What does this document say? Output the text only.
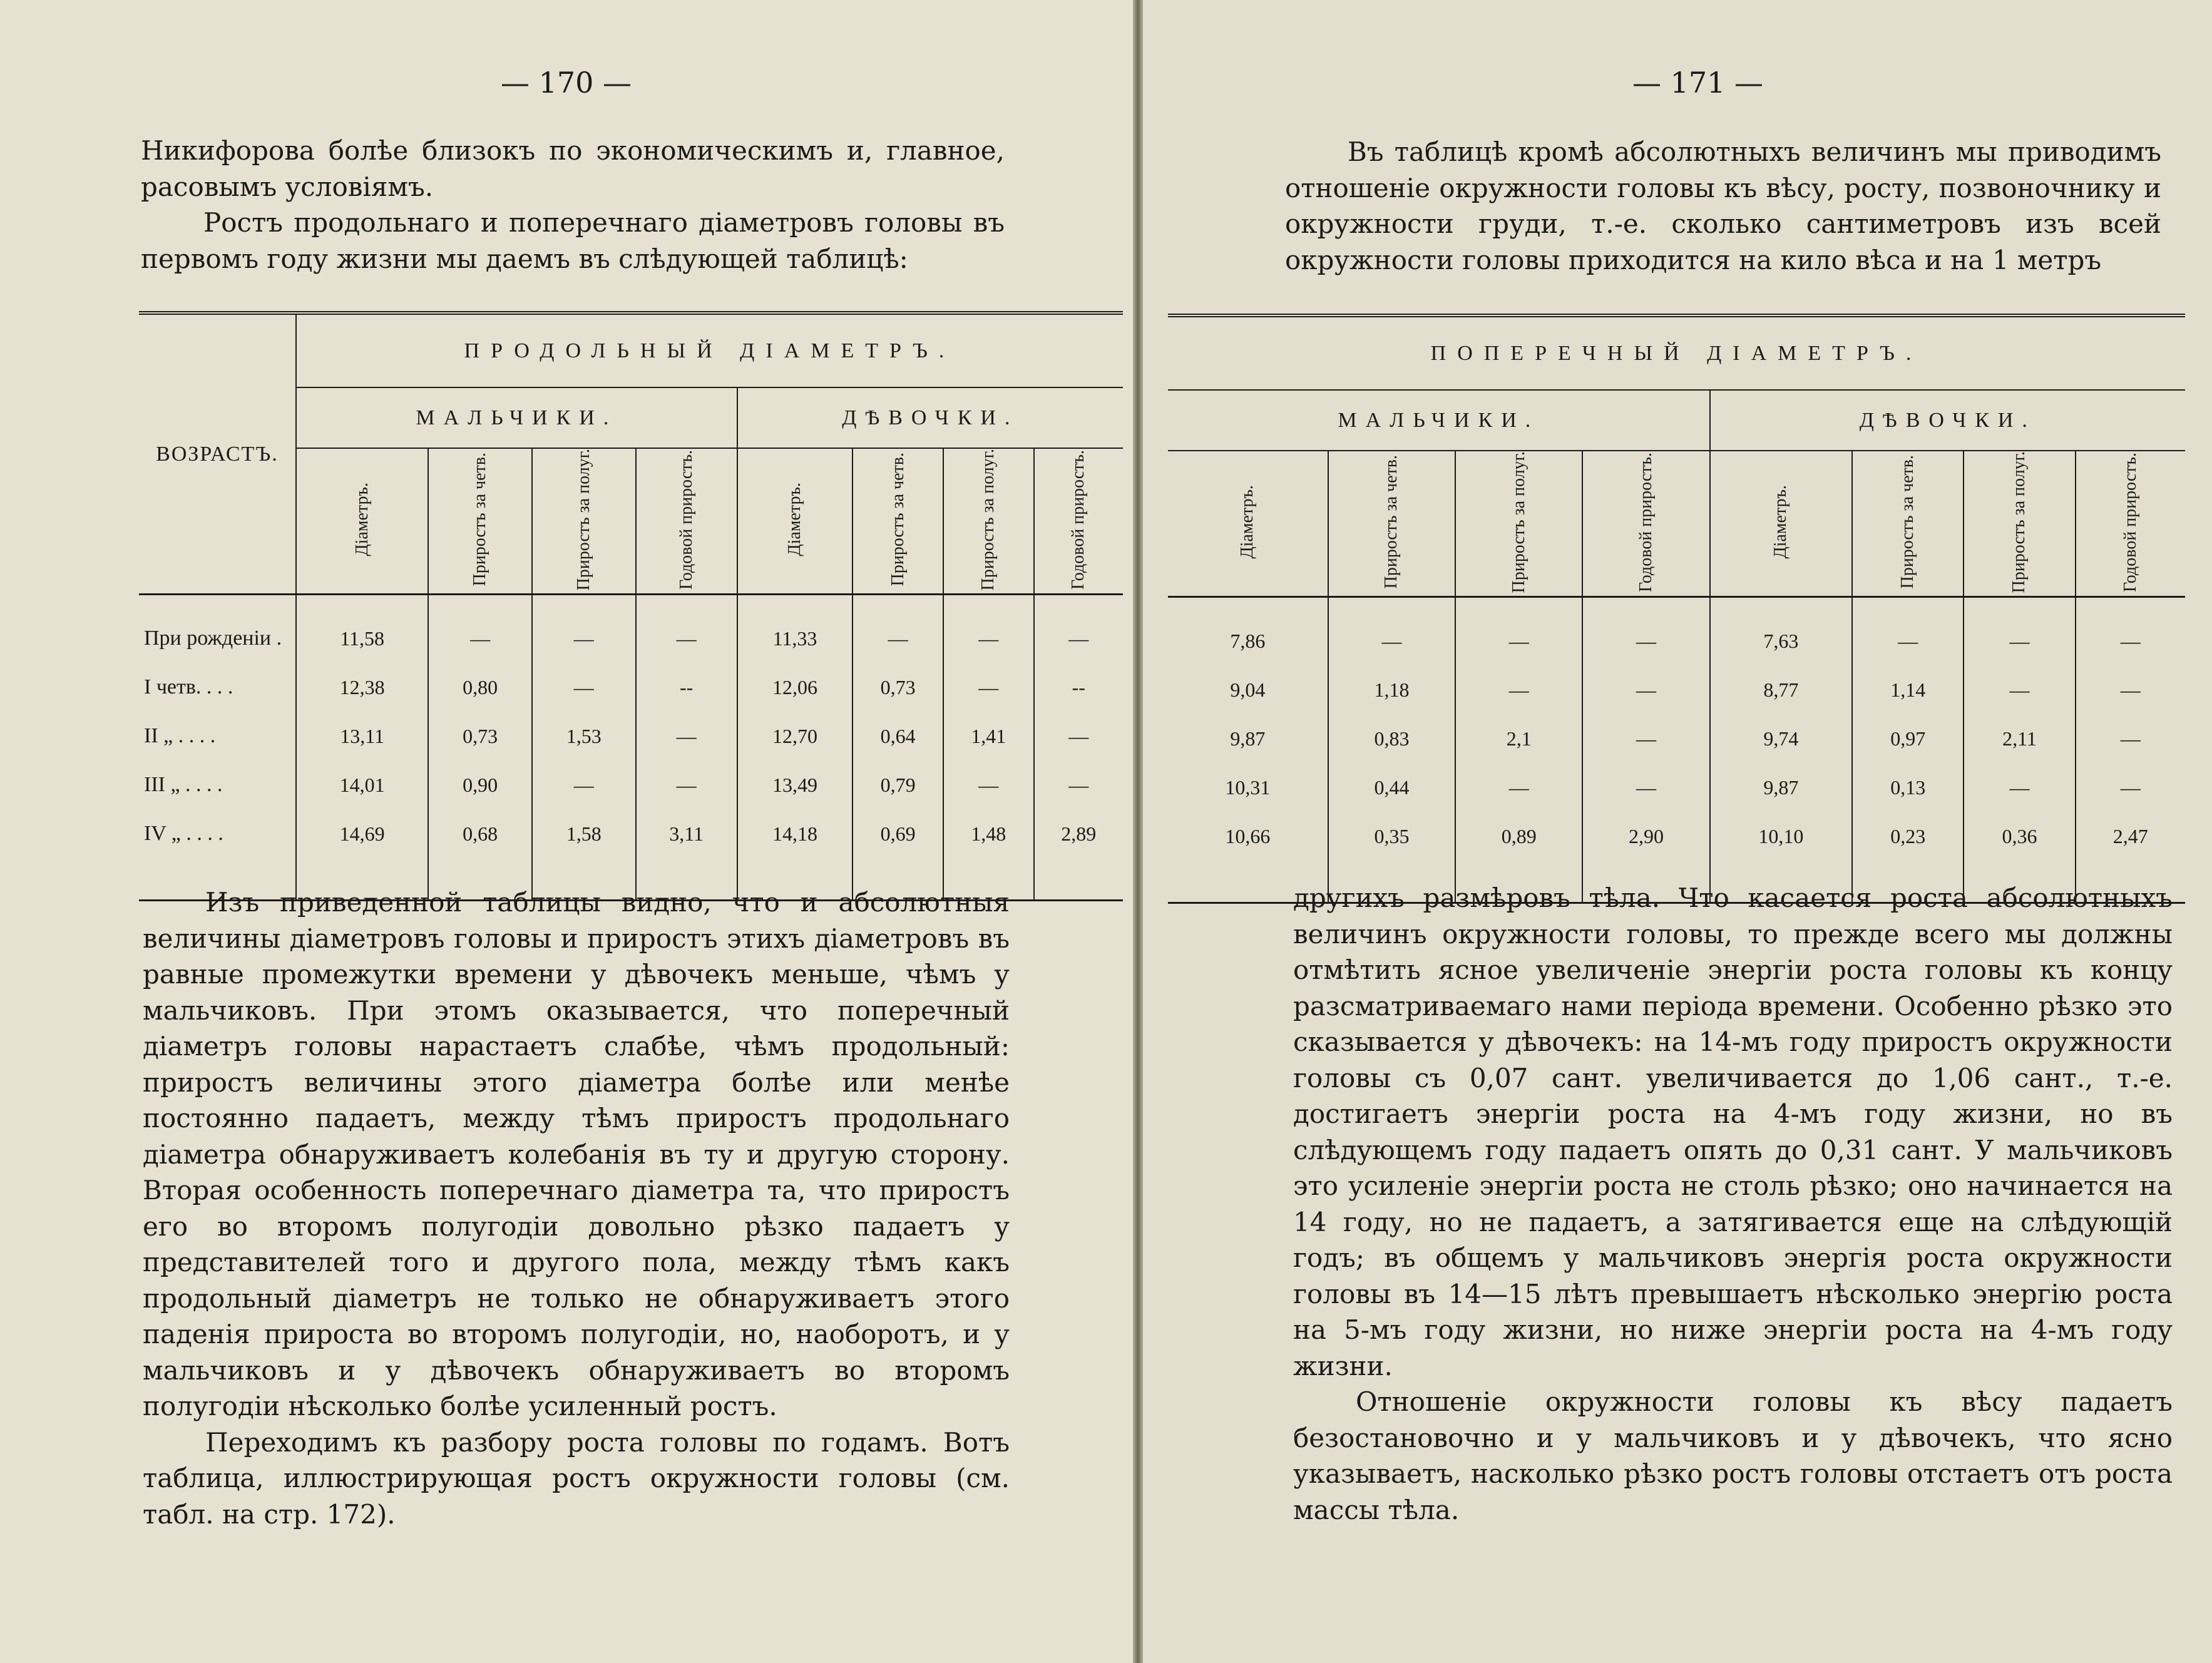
— 170 —

Никифорова болѣе близокъ по экономическимъ и, главное, расовымъ условiямъ.

Ростъ продольнаго и поперечнаго дiаметровъ головы въ первомъ году жизни мы даемъ въ слѣдующей таблицѣ:

ВОЗРАСТЪ.	ПРОДОЛЬНЫЙ ДIАМЕТРЪ.							
	МАЛЬЧИКИ.				ДѢВОЧКИ.			
	Дiаметръ.	Приростъ за четв.	Приростъ за полуг.	Годовой приростъ.	Дiаметръ.	Приростъ за четв.	Приростъ за полуг.	Годовой приростъ.
При рожденiи .	11,58	—	—	—	11,33	—	—	—
I четв. . . .	12,38	0,80	—	--	12,06	0,73	—	--
II „ . . . .	13,11	0,73	1,53	—	12,70	0,64	1,41	—
III „ . . . .	14,01	0,90	—	—	13,49	0,79	—	—
IV „ . . . .	14,69	0,68	1,58	3,11	14,18	0,69	1,48	2,89

Изъ приведенной таблицы видно, что и абсолютныя величины дiаметровъ головы и приростъ этихъ дiаметровъ въ равные промежутки времени у дѣвочекъ меньше, чѣмъ у мальчиковъ. При этомъ оказывается, что поперечный дiаметръ головы нарастаетъ слабѣе, чѣмъ продольный: приростъ величины этого дiаметра болѣе или менѣе постоянно падаетъ, между тѣмъ приростъ продольнаго дiаметра обнаруживаетъ колебанiя въ ту и другую сторону. Вторая особенность поперечнаго дiаметра та, что приростъ его во второмъ полугодiи довольно рѣзко падаетъ у представителей того и другого пола, между тѣмъ какъ продольный дiаметръ не только не обнаруживаетъ этого паденiя прироста во второмъ полугодiи, но, наоборотъ, и у мальчиковъ и у дѣвочекъ обнаруживаетъ во второмъ полугодiи нѣсколько болѣе усиленный ростъ.

Переходимъ къ разбору роста головы по годамъ. Вотъ таблица, иллюстрирующая ростъ окружности головы (см. табл. на стр. 172).

— 171 —

Въ таблицѣ кромѣ абсолютныхъ величинъ мы приводимъ отношенiе окружности головы къ вѣсу, росту, позвоночнику и окружности груди, т.-е. сколько сантиметровъ изъ всей окружности головы приходится на кило вѣса и на 1 метръ

ПОПЕРЕЧНЫЙ ДIАМЕТРЪ.							
МАЛЬЧИКИ.				ДѢВОЧКИ.			
Дiаметръ.	Приростъ за четв.	Приростъ за полуг.	Годовой приростъ.	Дiаметръ.	Приростъ за четв.	Приростъ за полуг.	Годовой приростъ.
7,86	—	—	—	7,63	—	—	—
9,04	1,18	—	—	8,77	1,14	—	—
9,87	0,83	2,1	—	9,74	0,97	2,11	—
10,31	0,44	—	—	9,87	0,13	—	—
10,66	0,35	0,89	2,90	10,10	0,23	0,36	2,47

другихъ размѣровъ тѣла. Что касается роста абсолютныхъ величинъ окружности головы, то прежде всего мы должны отмѣтить ясное увеличенiе энергiи роста головы къ концу разсматриваемаго нами перiода времени. Особенно рѣзко это сказывается у дѣвочекъ: на 14-мъ году приростъ окружности головы съ 0,07 сант. увеличивается до 1,06 сант., т.-е. достигаетъ энергiи роста на 4-мъ году жизни, но въ слѣдующемъ году падаетъ опять до 0,31 сант. У мальчиковъ это усиленiе энергiи роста не столь рѣзко; оно начинается на 14 году, но не падаетъ, а затягивается еще на слѣдующiй годъ; въ общемъ у мальчиковъ энергiя роста окружности головы въ 14—15 лѣтъ превышаетъ нѣсколько энергiю роста на 5-мъ году жизни, но ниже энергiи роста на 4-мъ году жизни.

Отношенiе окружности головы къ вѣсу падаетъ безостановочно и у мальчиковъ и у дѣвочекъ, что ясно указываетъ, насколько рѣзко ростъ головы отстаетъ отъ роста массы тѣла.
